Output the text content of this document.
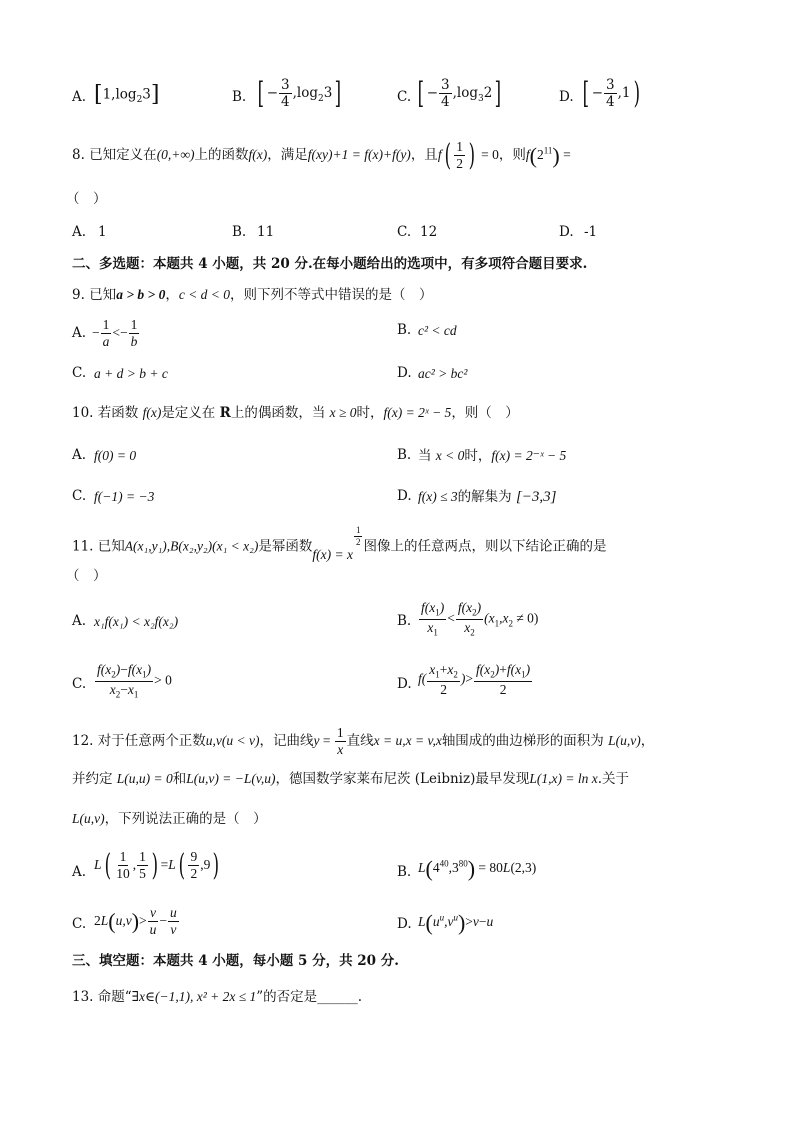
A. $[1,\log_23]$	B. [ − $\frac{3}{4} ,\log_23$]	C. [ − $\frac{3}{4} ,\log_32$]	D. [ − $\frac{3}{4} ,1$)
8. 已知定义在(0,+∞)上的函数f(x)，满足f(xy)+1 = f(x)+f(y)，且$f( \frac{1}{2}$ ) = 0，则$f(2^{11})$ =
（　）
A. 1	B. 11	C. 12	D. -1
二、多选题：本题共 4 小题，共 20 分.在每小题给出的选项中，有多项符合题目要求.
9. 已知a > b > 0，c < d < 0，则下列不等式中错误的是（　）
A. − $\frac{1}{a} <- \frac{1}{b}$	B. c² < cd
C. a + d > b + c	D. ac² > bc²
10. 若函数 f(x)是定义在 R上的偶函数，当 x ≥ 0时，f(x) = 2ˣ − 5，则（　）
A. f(0) = 0	B. 当 x < 0时，f(x) = 2⁻ˣ − 5
C. f(−1) = −3	D. f(x) ≤ 3的解集为 [−3,3]
11. 已知A(x₁,y₁),B(x₂,y₂)(x₁ < x₂)是幂函数f(x) = x
$^{\frac{1}{2}}$ 图像上的任意两点，则以下结论正确的是
（　）
A. x₁f(x₁) < x₂f(x₂)	B. $\frac{f(x_1)}{x_1} < \frac{f(x_2)}{x_2} (x_1,x_2 \ne 0)$
C. $\frac{f(x_2)-f(x_1)}{x_2-x_1} > 0$	D. $f( \frac{x_1+x_2}{2}$ )> $\frac{f(x_2)+f(x_1)}{2}$
12. 对于任意两个正数u,v(u < v)，记曲线$y = \frac{1}{x}$ 直线x = u,x = v,x轴围成的曲边梯形的面积为 L(u,v)，
并约定 L(u,u) = 0和L(u,v) = −L(v,u)，德国数学家莱布尼茨 (Leibniz)最早发现L(1,x) = ln x.关于
L(u,v)，下列说法正确的是（　）
A. $L( \frac{1}{10}$ , $\frac{1}{5}$ ) $=L( \frac{9}{2} ,9)$	B. $L(4^{40},3^{80}) = 80L(2,3)$
C. $2L(u,v)> \frac{v}{u} - \frac{u}{v}$	D. $L(u^u,v^u)>v-u$
三、填空题：本题共 4 小题，每小题 5 分，共 20 分.
13. 命题“∃x∈(−1,1), x² + 2x ≤ 1”的否定是______.
